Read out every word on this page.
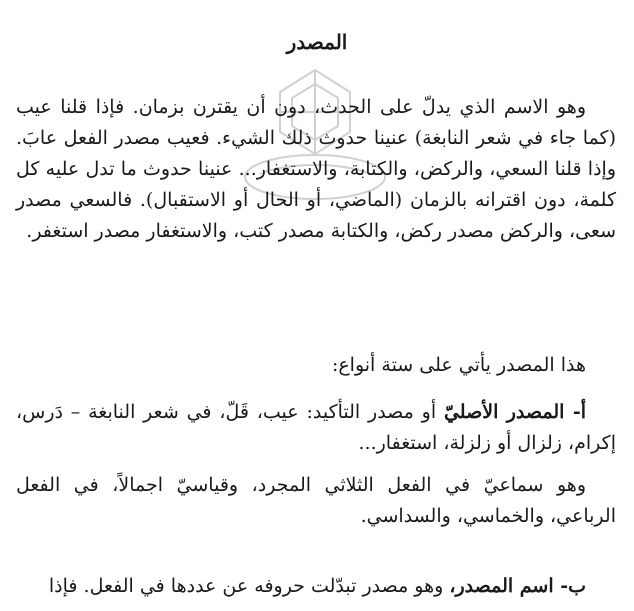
المصدر
وهو الاسم الذي يدلّ على الحدث، دون أن يقترن بزمان. فإذا قلنا عيب (كما جاء في شعر النابغة) عنينا حدوث ذلك الشيء. فعيب مصدر الفعل عابَ. وإذا قلنا السعي، والركض، والكتابة، والاستغفار... عنينا حدوث ما تدل عليه كل كلمة، دون اقترانه بالزمان (الماضي، أو الحال أو الاستقبال). فالسعي مصدر سعى، والركض مصدر ركض، والكتابة مصدر كتب، والاستغفار مصدر استغفر.
هذا المصدر يأتي على ستة أنواع:
أ- المصدر الأصليّ أو مصدر التأكيد: عيب، قَلّ، في شعر النابغة – دَرس، إكرام، زلزال أو زلزلة، استغفار...
وهو سماعيّ في الفعل الثلاثي المجرد، وقياسيّ اجمالاً، في الفعل الرباعي، والخماسي، والسداسي.
ب- اسم المصدر، وهو مصدر تبدّلت حروفه عن عددها في الفعل. فإذا
